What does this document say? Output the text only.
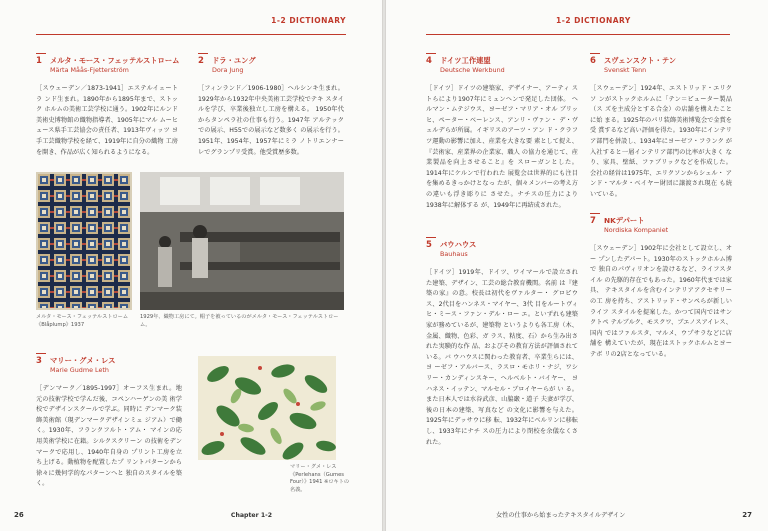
1-2 DICTIONARY
1	メルタ・モース・フェッテルストローム
Märta Måås-Fjetterström

［スウェーデン／1873-1941］エステルイェートラ ンド生まれ。1890年から1895年まで、ストック ホルムの美術工芸学校に通う。1902年にルンド 美術史博物館の織物指導者、1905年にマル ムーヒュース県手工芸協会の責任者、1913年ヴィッツ ヨ手工芸織物学校を経て、1919年に自分の織物 工房を開き、作品が広く知られるようになる。

2	ドラ・ユング
Dora Jung

［フィンランド／1906-1980］ヘルシンキ生まれ。 1929年から1932年中央美術工芸学校でテキ スタイルを学び、卒業後独立し工房を構える。 1950年代からタンペラ社の仕事も行う。1947年 アルテックでの展示、H55での展示など数多く の展示を行う。1951年、1954年、1957年にミラ ノトリエンナーレでグランプリ受賞。他受賞歴多数。

メルタ・モース・フェッテルストローム 《Blåplump》1937
1929年、織物工房にて。帽子を被っているのがメルタ・モース・フェッテルストローム。
3	マリー・グメ・レス
Marie Gudme Leth

［デンマーク／1895-1997］オーフス生まれ。地 元の技術学校で学んだ後、コペンハーゲンの美 術学校でデザインスクールで学ぶ。同時に デンマーク装飾美術館（現デンマークデザインミュ ジアム）で働く。1930年、フランクフルト・アム・ マインの応用美術学校に在籍。シルクスクリーン の技術をデンマークで応用し、1940年自身の プリント工房を立ち上げる。動植物を配置したプ リントパターンから徐々に幾何学的なパターンへと 独自のスタイルを築く。

マリー・グメ・レス 《Perlehans（Gumes Four）》1941 ※ロキトの名義。
26	Chapter 1-2
1-2 DICTIONARY
4	ドイツ工作連盟
Deutsche Werkbund

［ドイツ］ドイツの建築家、デザイナー、アーティ ストらにより1907年にミュンヘンで発足した団体。 ヘルマン・ムテジウス、ヨーゼフ・マリア・オル ブリッヒ、ペーター・ベーレンス、アンリ・ヴァン・ デ・ヴェルデらが所属。イギリスのアーツ・アン ド・クラフツ運動の影響に加え、産業を大きな要 素として捉え、『芸術家、産業界の企業家、職人 の協力を通じて、産業製品を向上させること』を スローガンとした。1914年にケルンで行われた 展覧会は世界的にも注目を集めるきっかけとなっ たが、個々メンバーの考え方の違いも浮き彫りに させた。ナチスの圧力により1938年に解体する が、1949年に再結成された。

5	バウハウス
Bauhaus

［ドイツ］1919年、ドイツ、ワイマールで設立され た建築、デザイン、工芸の総合教育機関。名前 は『建築の家』の意。校長は初代をヴァルター・ グロピウス、2代目をハンネス・マイヤー、3代 目をルートヴィヒ・ミース・ファン・デル・ロー エ。といずれも建築家が務めているが、建築物 というよりも各工房（木、金属、織物、色彩、ガ ラス、粘度、石）から生み出された実験的な作 品、およびその教育方法が評価されている。バ ウハウスに関わった教育者、卒業生らには、ヨ ーゼフ・アルバース、ラスロ・モホリ・ナジ、ワシ リー・カンディンスキー、ヘルベルト・バイヤー、 ヨハネス・イッテン、マルセル・ブロイヤーらが い る。また日本人では水谷武彦、山脇巌・道子 夫妻が学び、後の日本の建築、写真など の文化に影響を与えた。1925年にデッサウに移 転、1932年にベルリンに移転し、1933年にナチ スの圧力により閉校を余儀なくされた。

6	スヴェンスクト・テン
Svenskt Tenn

［スウェーデン］1924年、エストリッド・エリクソ ンがストックホルムに「テン＝ピューター製品（ス ズを主成分とする合金）の店舗を構えたことに始 まる。1925年のパリ装飾美術博覧会で金賞を受 賞するなど高い評価を得た。1930年にインテリ ア部門を併設し、1934年にヨーゼフ・フランク が入社すると一層インテリア部門の比率が大きく なり、家具、壁紙、ファブリックなどを作成した。 会社の経営は1975年、エリクソンからシェル・ アンド・マルタ・ベイヤー財団に譲渡され現在 も続いている。

7	NKデパート
Nordiska Kompaniet

［スウェーデン］1902年に会社として設立し、オー プンしたデパート。1930年のストックホルム博で 独自のパヴィリオンを設けるなど、ライフスタイル の先駆的存在でもあった。1960年代までは家具、 テキスタイルを含むインテリアアクセサリーの工 房を持ち、アストリッド・サンペらが新しいライフ スタイルを提案した。かつて国内ではサンクトペ テルブルク、モスクワ、ブエノスアイレス、国内 ではファルスタ、マルメ、ウプサラなどに店舗を 構えていたが、現在はストックホルムとヨーテボ リの2店となっている。

女性の仕事から始まったテキスタイルデザイン	27
